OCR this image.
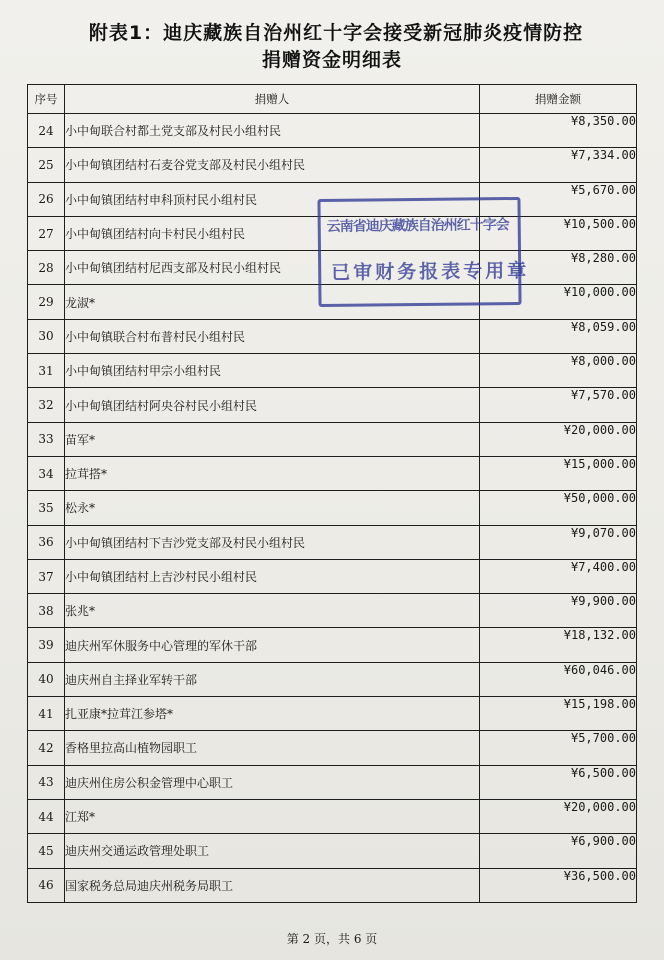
附表1：迪庆藏族自治州红十字会接受新冠肺炎疫情防控
捐赠资金明细表
序号	捐赠人	捐赠金额
24	小中甸联合村都土党支部及村民小组村民	¥8,350.00
25	小中甸镇团结村石麦谷党支部及村民小组村民	¥7,334.00
26	小中甸镇团结村申科顶村民小组村民	¥5,670.00
27	小中甸镇团结村向卡村民小组村民	¥10,500.00
28	小中甸镇团结村尼西支部及村民小组村民	¥8,280.00
29	龙淑*	¥10,000.00
30	小中甸镇联合村布普村民小组村民	¥8,059.00
31	小中甸镇团结村甲宗小组村民	¥8,000.00
32	小中甸镇团结村阿央谷村民小组村民	¥7,570.00
33	苗军*	¥20,000.00
34	拉茸搭*	¥15,000.00
35	松永*	¥50,000.00
36	小中甸镇团结村下吉沙党支部及村民小组村民	¥9,070.00
37	小中甸镇团结村上吉沙村民小组村民	¥7,400.00
38	张兆*	¥9,900.00
39	迪庆州军休服务中心管理的军休干部	¥18,132.00
40	迪庆州自主择业军转干部	¥60,046.00
41	扎亚康*拉茸江参塔*	¥15,198.00
42	香格里拉高山植物园职工	¥5,700.00
43	迪庆州住房公积金管理中心职工	¥6,500.00
44	江郑*	¥20,000.00
45	迪庆州交通运政管理处职工	¥6,900.00
46	国家税务总局迪庆州税务局职工	¥36,500.00
云南省迪庆藏族自治州红十字会
已审财务报表专用章
第 2 页，共 6 页
